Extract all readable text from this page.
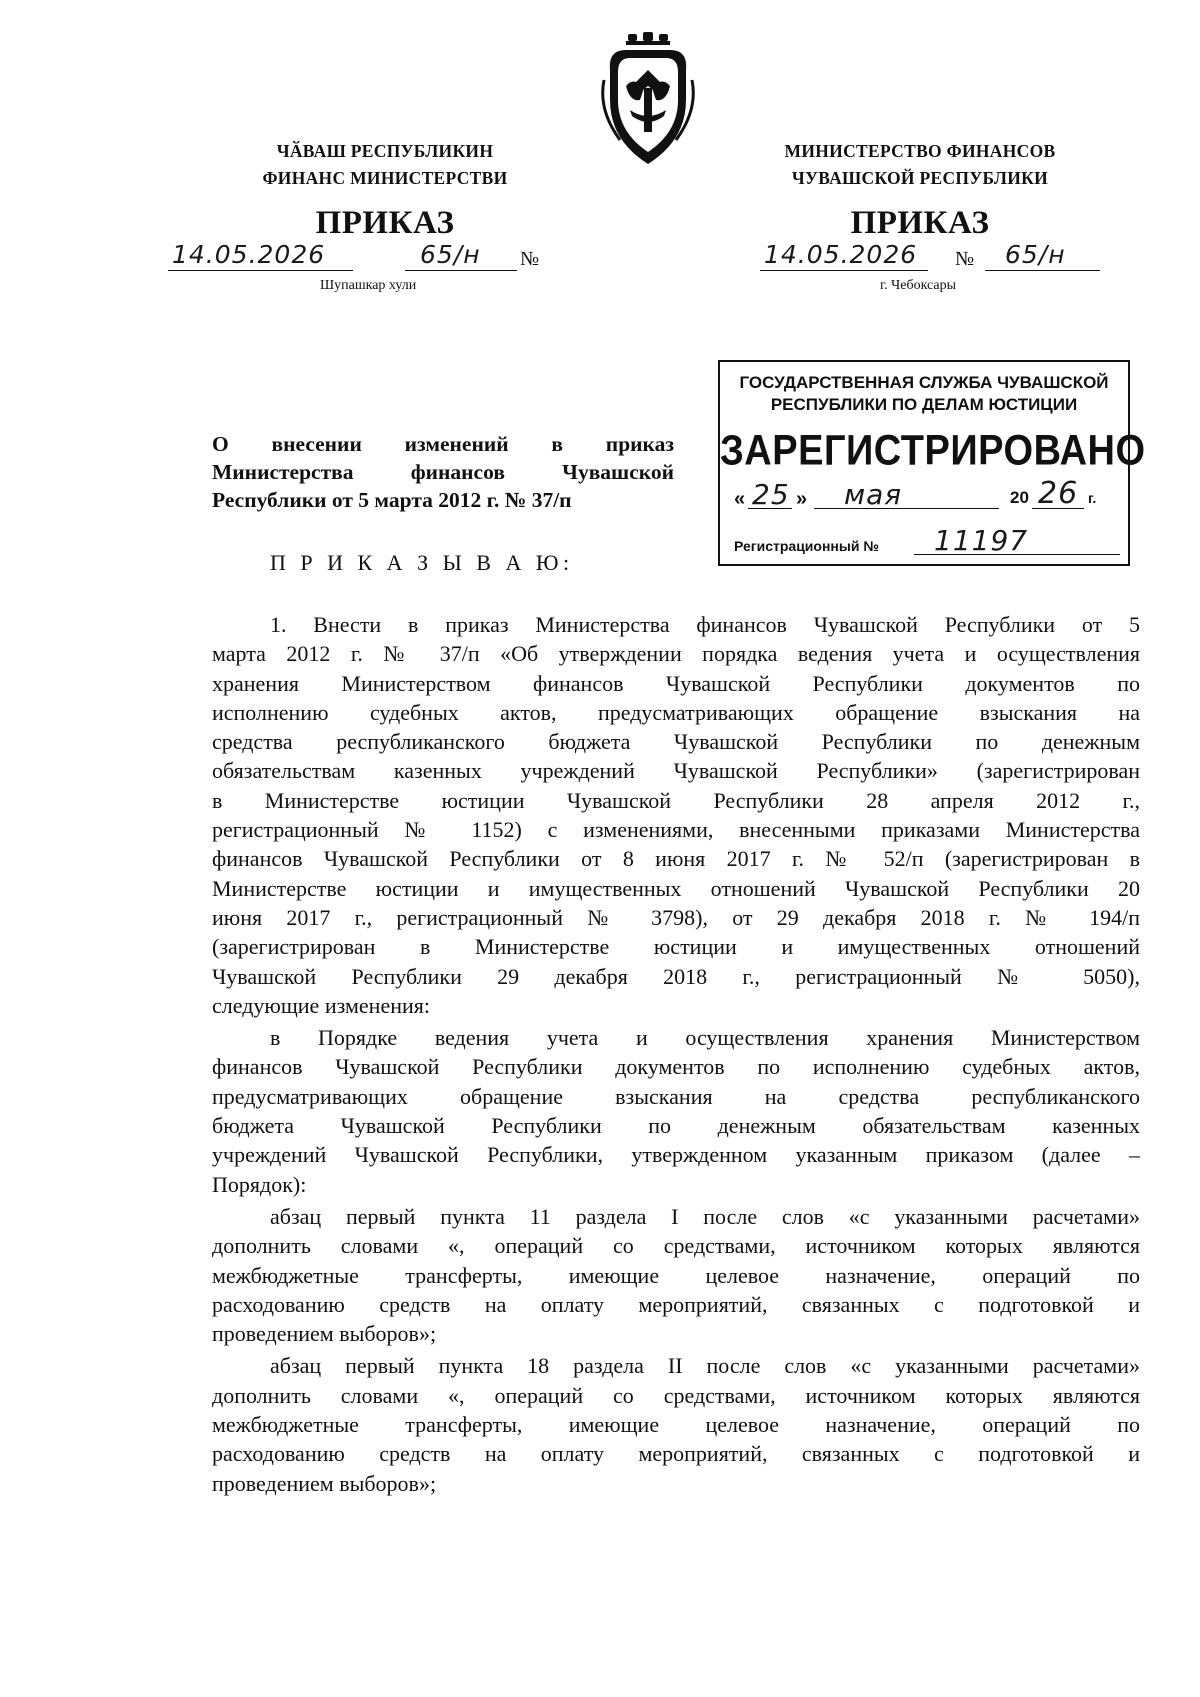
ЧӐВАШ РЕСПУБЛИКИН
ФИНАНС МИНИСТЕРСТВИ
ПРИКАЗ
14.05.2026	65/н №
Шупашкар хули
МИНИСТЕРСТВО ФИНАНСОВ
ЧУВАШСКОЙ РЕСПУБЛИКИ
ПРИКАЗ
14.05.2026 № 65/н
г. Чебоксары
ГОСУДАРСТВЕННАЯ СЛУЖБА ЧУВАШСКОЙ
РЕСПУБЛИКИ ПО ДЕЛАМ ЮСТИЦИИ
ЗАРЕГИСТРИРОВАНО
« 25 » мая	20 26 г.
Регистрационный № 11197
О внесении изменений в приказ
Министерства финансов Чувашской
Республики от 5 марта 2012 г. № 37/п
П Р И К А З Ы В А Ю:
1. Внести в приказ Министерства финансов Чувашской Республики от 5
марта 2012 г. № 37/п «Об утверждении порядка ведения учета и осуществления
хранения Министерством финансов Чувашской Республики документов по
исполнению судебных актов, предусматривающих обращение взыскания на
средства республиканского бюджета Чувашской Республики по денежным
обязательствам казенных учреждений Чувашской Республики» (зарегистрирован
в Министерстве юстиции Чувашской Республики 28 апреля 2012 г.,
регистрационный № 1152) с изменениями, внесенными приказами Министерства
финансов Чувашской Республики от 8 июня 2017 г. № 52/п (зарегистрирован в
Министерстве юстиции и имущественных отношений Чувашской Республики 20
июня 2017 г., регистрационный № 3798), от 29 декабря 2018 г. № 194/п
(зарегистрирован в Министерстве юстиции и имущественных отношений
Чувашской Республики 29 декабря 2018 г., регистрационный № 5050),
следующие изменения:
в Порядке ведения учета и осуществления хранения Министерством
финансов Чувашской Республики документов по исполнению судебных актов,
предусматривающих обращение взыскания на средства республиканского
бюджета Чувашской Республики по денежным обязательствам казенных
учреждений Чувашской Республики, утвержденном указанным приказом (далее –
Порядок):
абзац первый пункта 11 раздела I после слов «с указанными расчетами»
дополнить словами «, операций со средствами, источником которых являются
межбюджетные трансферты, имеющие целевое назначение, операций по
расходованию средств на оплату мероприятий, связанных с подготовкой и
проведением выборов»;
абзац первый пункта 18 раздела II после слов «с указанными расчетами»
дополнить словами «, операций со средствами, источником которых являются
межбюджетные трансферты, имеющие целевое назначение, операций по
расходованию средств на оплату мероприятий, связанных с подготовкой и
проведением выборов»;
